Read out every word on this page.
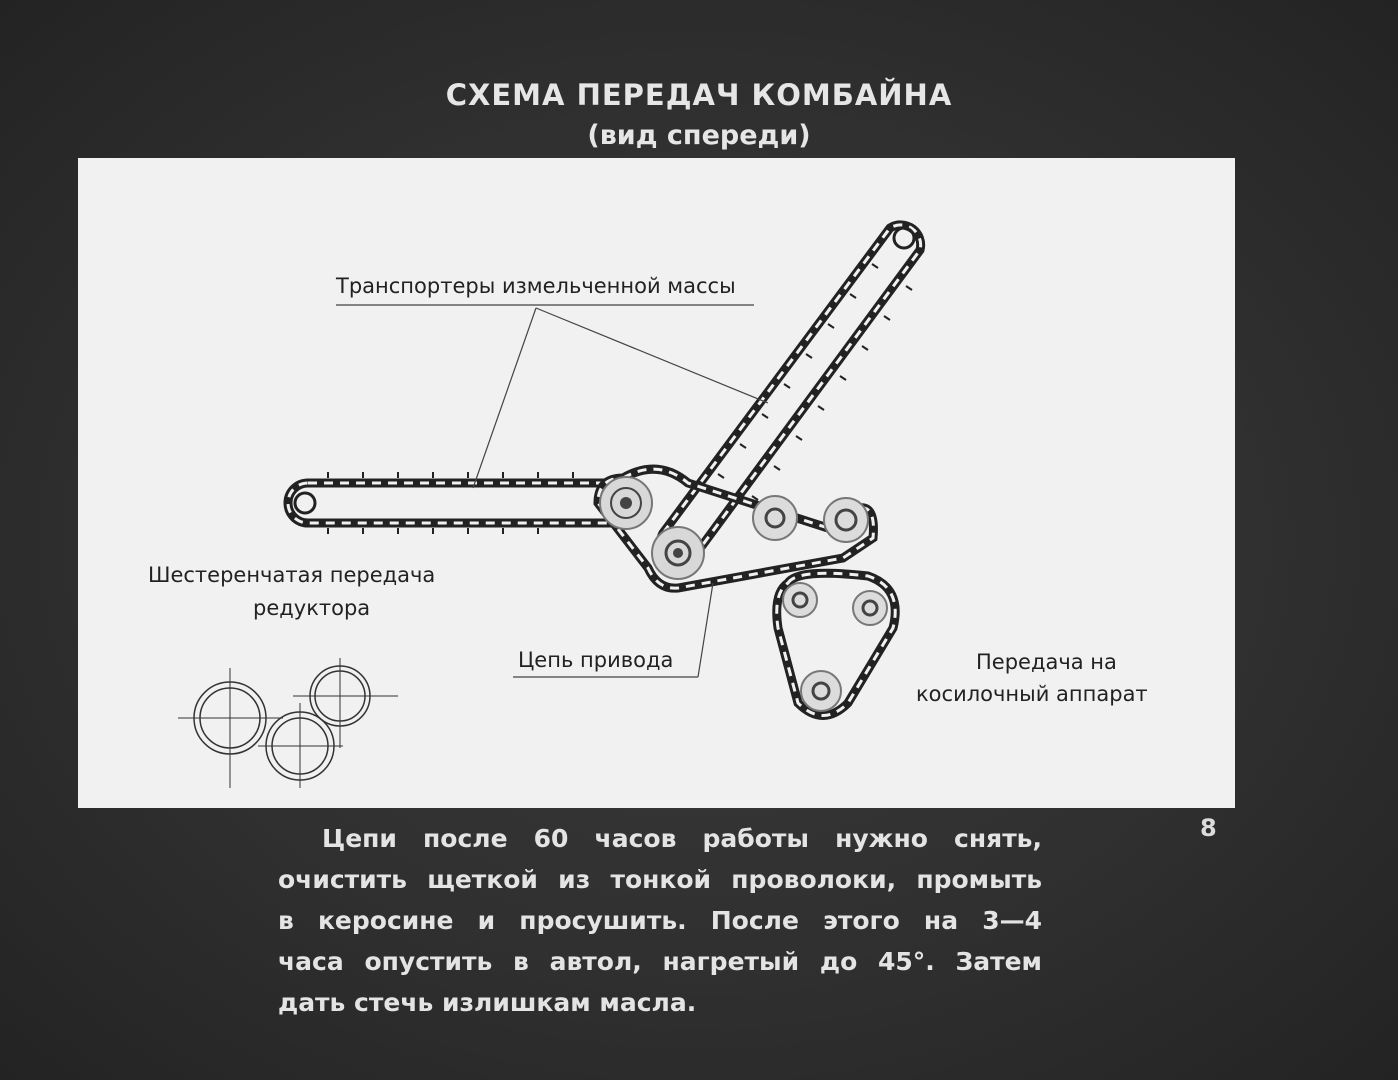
СХЕМА ПЕРЕДАЧ КОМБАЙНА
(вид спереди)
Транспортеры измельченной массы
Шестеренчатая передача
редуктора
Цепь привода	Передача на
косилочный аппарат
8
Цепи после 60 часов работы нужно снять,
очистить щеткой из тонкой проволоки, промыть
в керосине и просушить. После этого на 3—4
часа опустить в автол, нагретый до 45°. Затем
дать стечь излишкам масла.
